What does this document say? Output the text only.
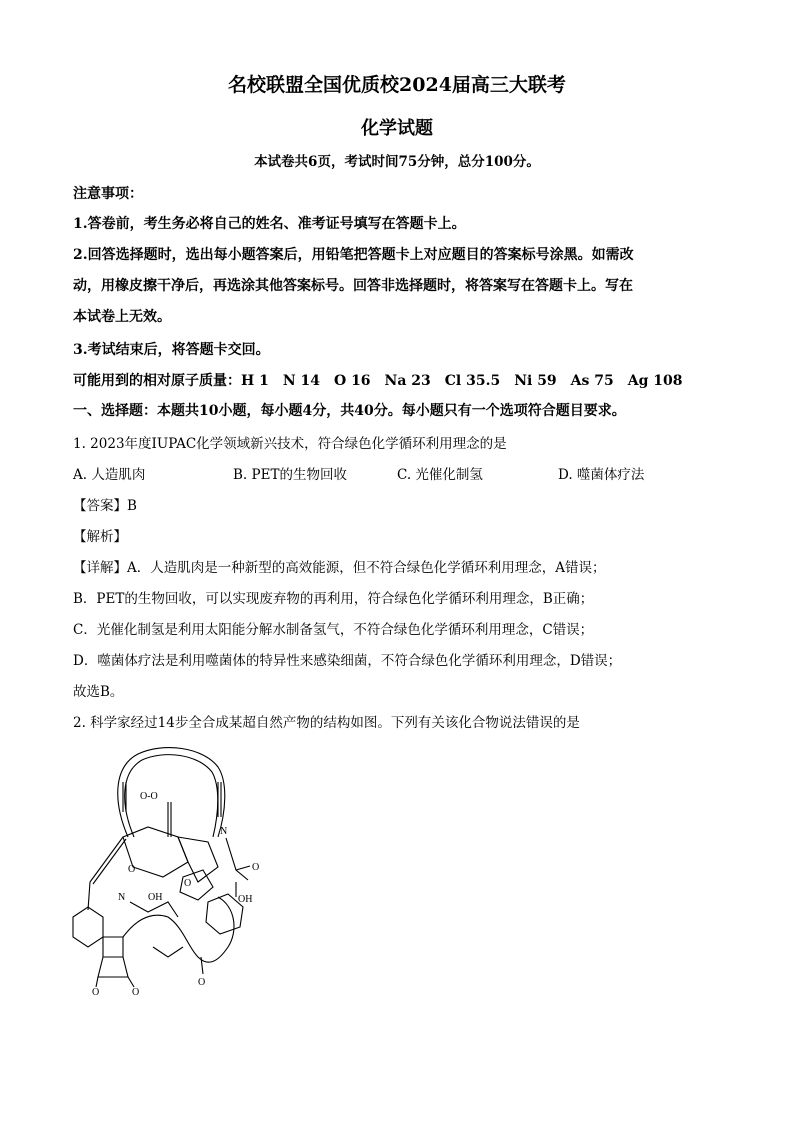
名校联盟全国优质校2024届高三大联考
化学试题
本试卷共6页，考试时间75分钟，总分100分。
注意事项：
1.答卷前，考生务必将自己的姓名、准考证号填写在答题卡上。
2.回答选择题时，选出每小题答案后，用铅笔把答题卡上对应题目的答案标号涂黑。如需改
动，用橡皮擦干净后，再选涂其他答案标号。回答非选择题时，将答案写在答题卡上。写在
本试卷上无效。
3.考试结束后，将答题卡交回。
可能用到的相对原子质量：H 1　N 14　O 16　Na 23　Cl 35.5　Ni 59　As 75　Ag 108
一、选择题：本题共10小题，每小题4分，共40分。每小题只有一个选项符合题目要求。
1. 2023年度IUPAC化学领域新兴技术，符合绿色化学循环利用理念的是
A. 人造肌肉	B. PET的生物回收	C. 光催化制氢	D. 噬菌体疗法
【答案】B
【解析】
【详解】A．人造肌肉是一种新型的高效能源，但不符合绿色化学循环利用理念，A错误；
B．PET的生物回收，可以实现废弃物的再利用，符合绿色化学循环利用理念，B正确；
C．光催化制氢是利用太阳能分解水制备氢气，不符合绿色化学循环利用理念，C错误；
D．噬菌体疗法是利用噬菌体的特异性来感染细菌，不符合绿色化学循环利用理念，D错误；
故选B。
2. 科学家经过14步全合成某超自然产物的结构如图。下列有关该化合物说法错误的是
O-O
O
OH
N
O
N
O
OH
O	O
O
